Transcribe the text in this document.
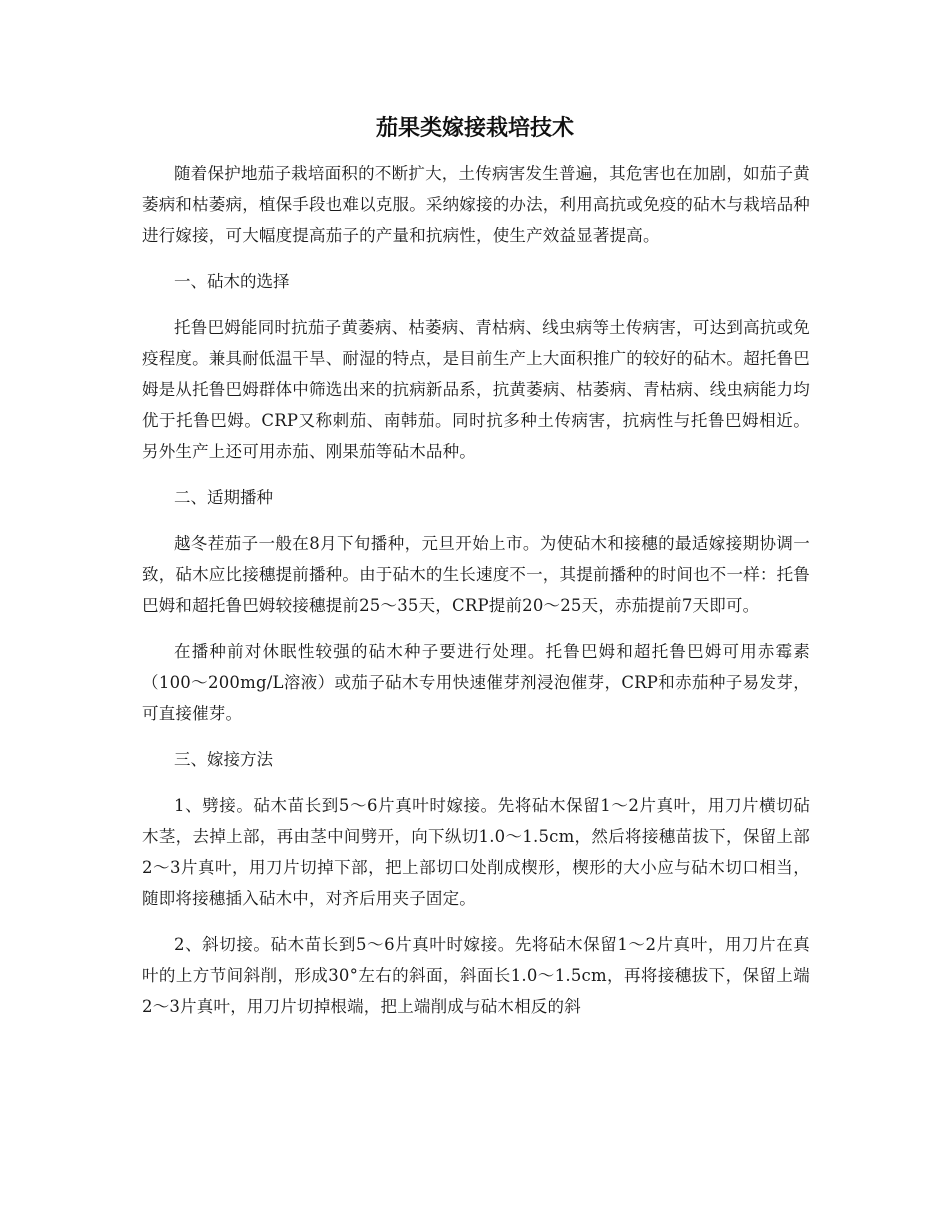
茄果类嫁接栽培技术

随着保护地茄子栽培面积的不断扩大，土传病害发生普遍，其危害也在加剧，如茄子黄萎病和枯萎病，植保手段也难以克服。采纳嫁接的办法，利用高抗或免疫的砧木与栽培品种进行嫁接，可大幅度提高茄子的产量和抗病性，使生产效益显著提高。

一、砧木的选择

托鲁巴姆能同时抗茄子黄萎病、枯萎病、青枯病、线虫病等土传病害，可达到高抗或免疫程度。兼具耐低温干旱、耐湿的特点，是目前生产上大面积推广的较好的砧木。超托鲁巴姆是从托鲁巴姆群体中筛选出来的抗病新品系，抗黄萎病、枯萎病、青枯病、线虫病能力均优于托鲁巴姆。CRP又称刺茄、南韩茄。同时抗多种土传病害，抗病性与托鲁巴姆相近。另外生产上还可用赤茄、刚果茄等砧木品种。

二、适期播种

越冬茬茄子一般在8月下旬播种，元旦开始上市。为使砧木和接穗的最适嫁接期协调一致，砧木应比接穗提前播种。由于砧木的生长速度不一，其提前播种的时间也不一样：托鲁巴姆和超托鲁巴姆较接穗提前25～35天，CRP提前20～25天，赤茄提前7天即可。

在播种前对休眠性较强的砧木种子要进行处理。托鲁巴姆和超托鲁巴姆可用赤霉素（100～200mg/L溶液）或茄子砧木专用快速催芽剂浸泡催芽，CRP和赤茄种子易发芽，可直接催芽。

三、嫁接方法

1、劈接。砧木苗长到5～6片真叶时嫁接。先将砧木保留1～2片真叶，用刀片横切砧木茎，去掉上部，再由茎中间劈开，向下纵切1.0～1.5cm，然后将接穗苗拔下，保留上部2～3片真叶，用刀片切掉下部，把上部切口处削成楔形，楔形的大小应与砧木切口相当，随即将接穗插入砧木中，对齐后用夹子固定。

2、斜切接。砧木苗长到5～6片真叶时嫁接。先将砧木保留1～2片真叶，用刀片在真叶的上方节间斜削，形成30°左右的斜面，斜面长1.0～1.5cm，再将接穗拔下，保留上端2～3片真叶，用刀片切掉根端，把上端削成与砧木相反的斜
